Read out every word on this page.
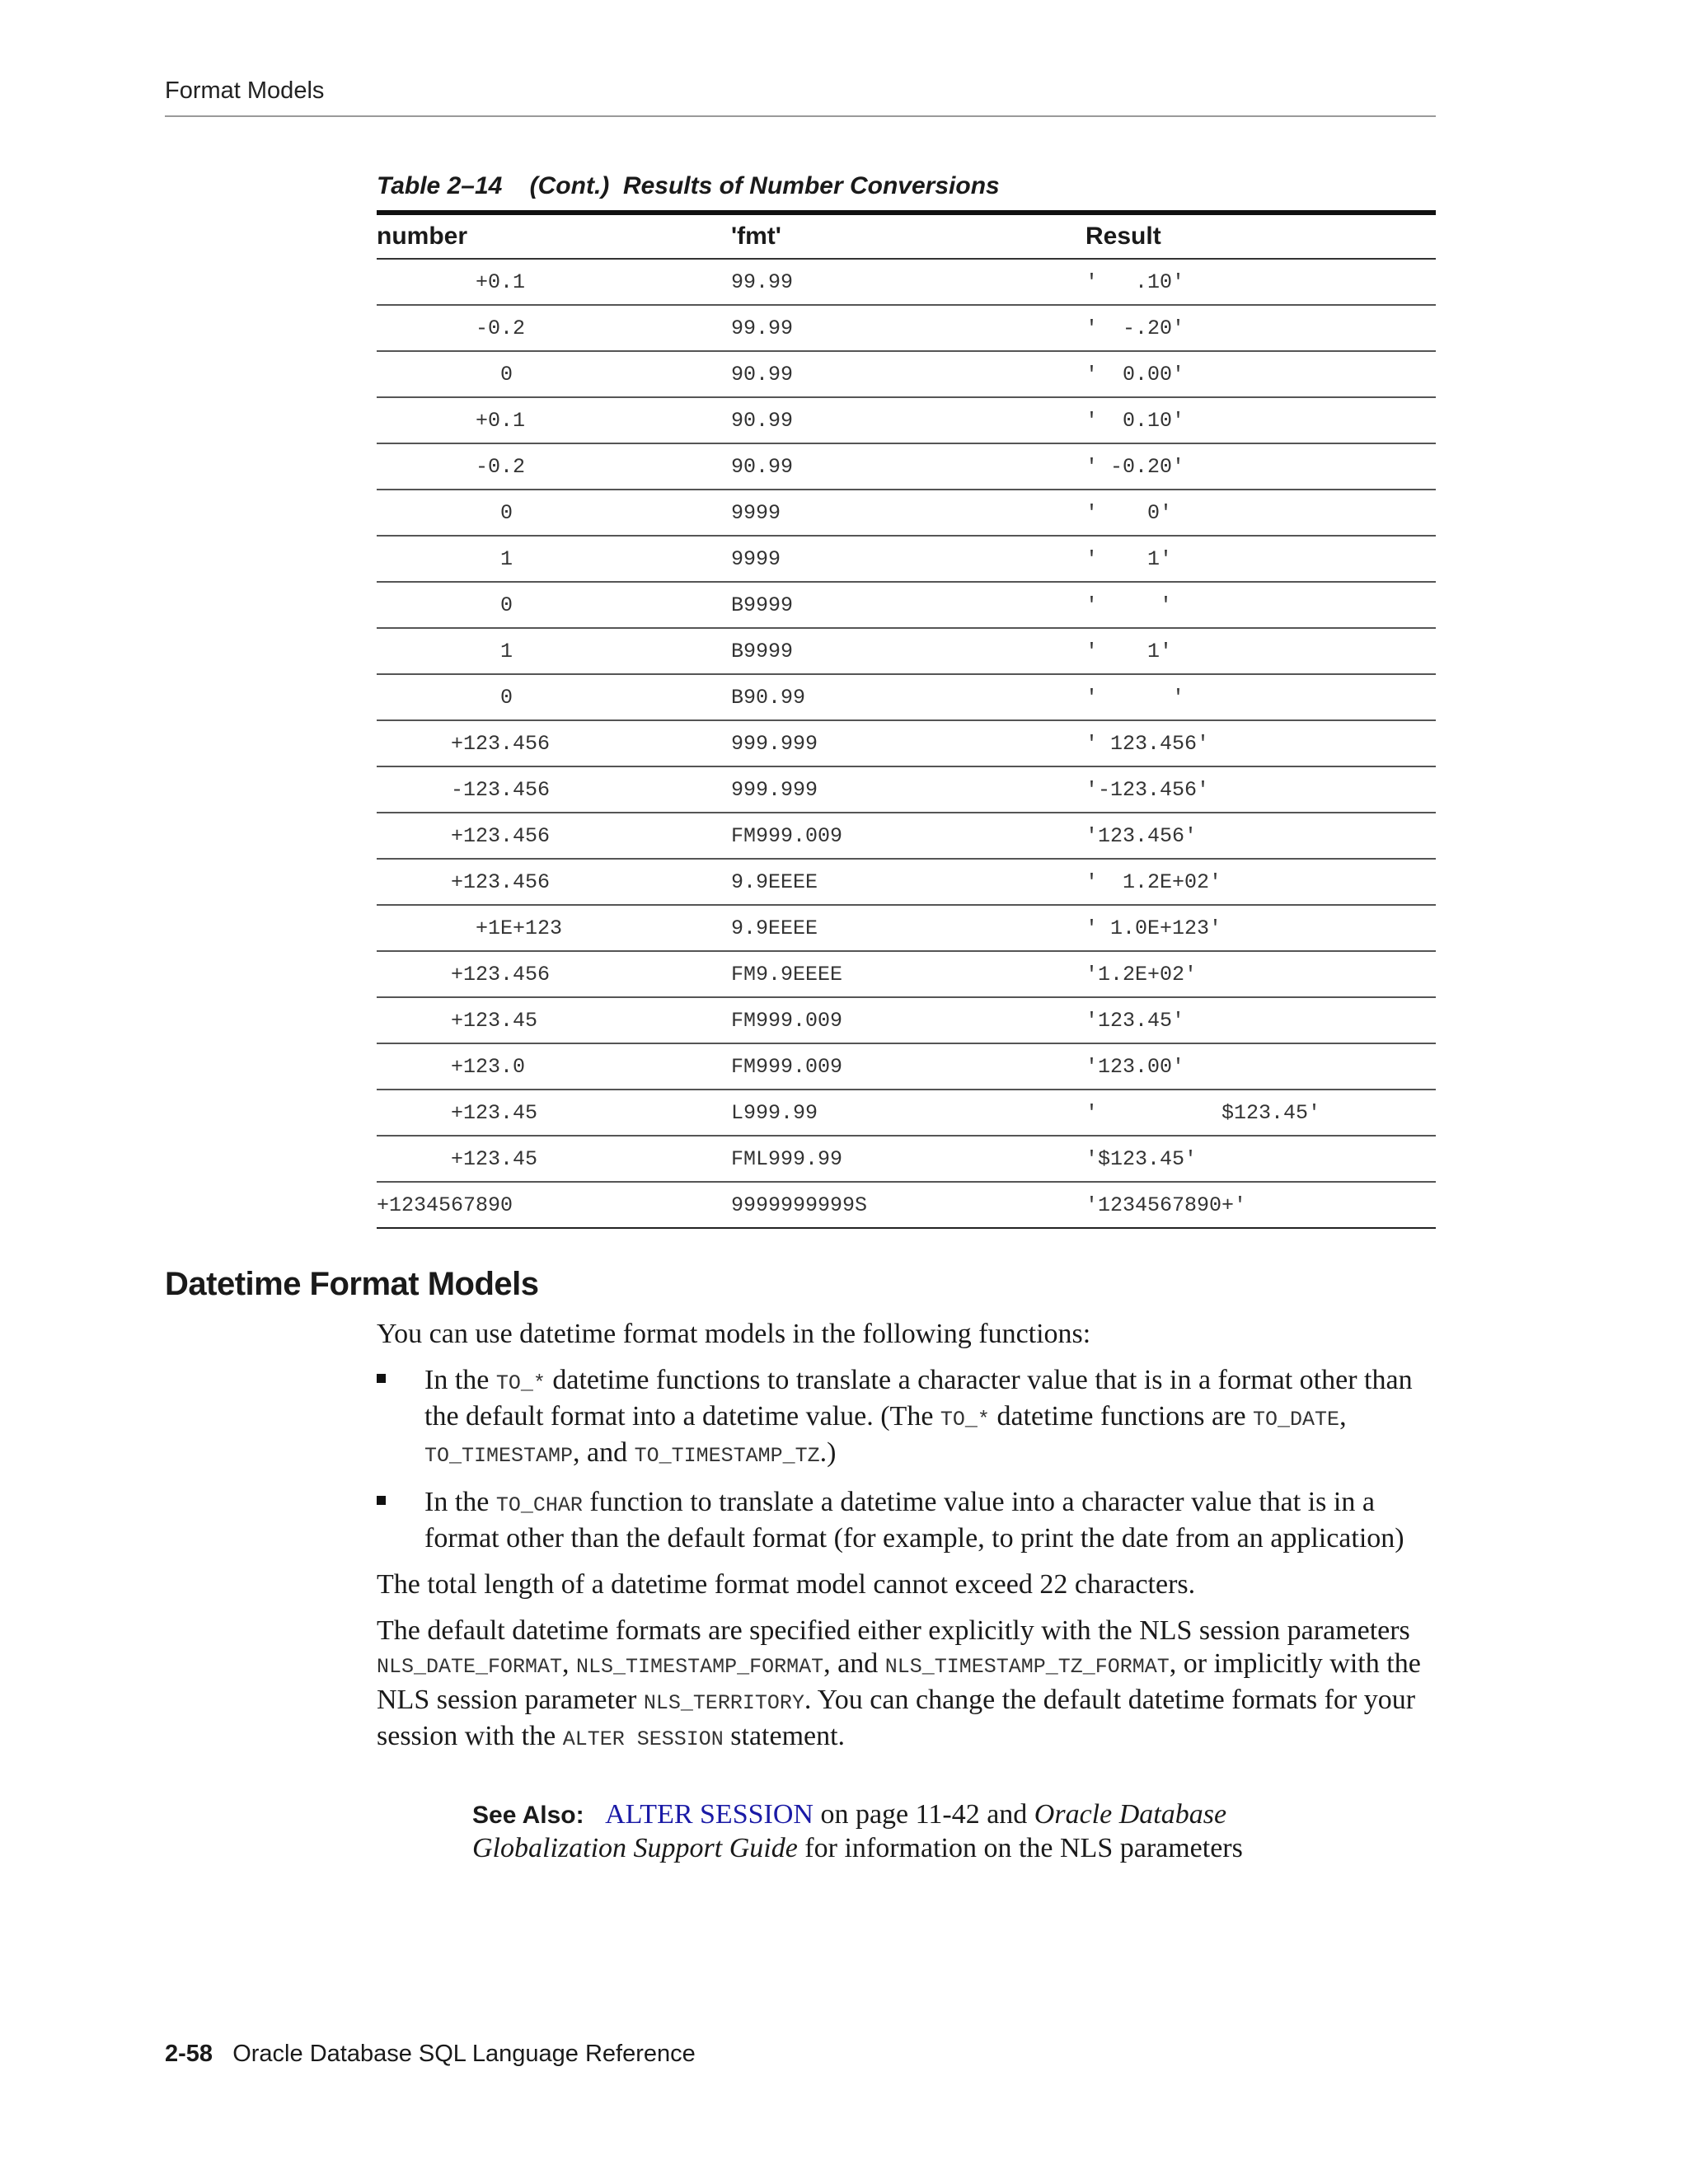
Format Models
Table 2–14    (Cont.)  Results of Number Conversions
number	'fmt'	Result
+0.1	99.99	'   .10'
-0.2	99.99	'  -.20'
0	90.99	'  0.00'
+0.1	90.99	'  0.10'
-0.2	90.99	' -0.20'
0	9999	'    0'
1	9999	'    1'
0	B9999	'     '
1	B9999	'    1'
0	B90.99	'      '
+123.456	999.999	' 123.456'
-123.456	999.999	'-123.456'
+123.456	FM999.009	'123.456'
+123.456	9.9EEEE	'  1.2E+02'
+1E+123	9.9EEEE	' 1.0E+123'
+123.456	FM9.9EEEE	'1.2E+02'
+123.45	FM999.009	'123.45'
+123.0	FM999.009	'123.00'
+123.45	L999.99	'          $123.45'
+123.45	FML999.99	'$123.45'
+1234567890	9999999999S	'1234567890+'
Datetime Format Models

You can use datetime format models in the following functions:

In the TO_* datetime functions to translate a character value that is in a format other than the default format into a datetime value. (The TO_* datetime functions are TO_DATE, TO_TIMESTAMP, and TO_TIMESTAMP_TZ.)
In the TO_CHAR function to translate a datetime value into a character value that is in a format other than the default format (for example, to print the date from an application)

The total length of a datetime format model cannot exceed 22 characters.

The default datetime formats are specified either explicitly with the NLS session parameters NLS_DATE_FORMAT, NLS_TIMESTAMP_FORMAT, and NLS_TIMESTAMP_TZ_FORMAT, or implicitly with the NLS session parameter NLS_TERRITORY. You can change the default datetime formats for your session with the ALTER SESSION statement.

See Also: ALTER SESSION on page 11-42 and Oracle Database Globalization Support Guide for information on the NLS parameters
2-58 Oracle Database SQL Language Reference
